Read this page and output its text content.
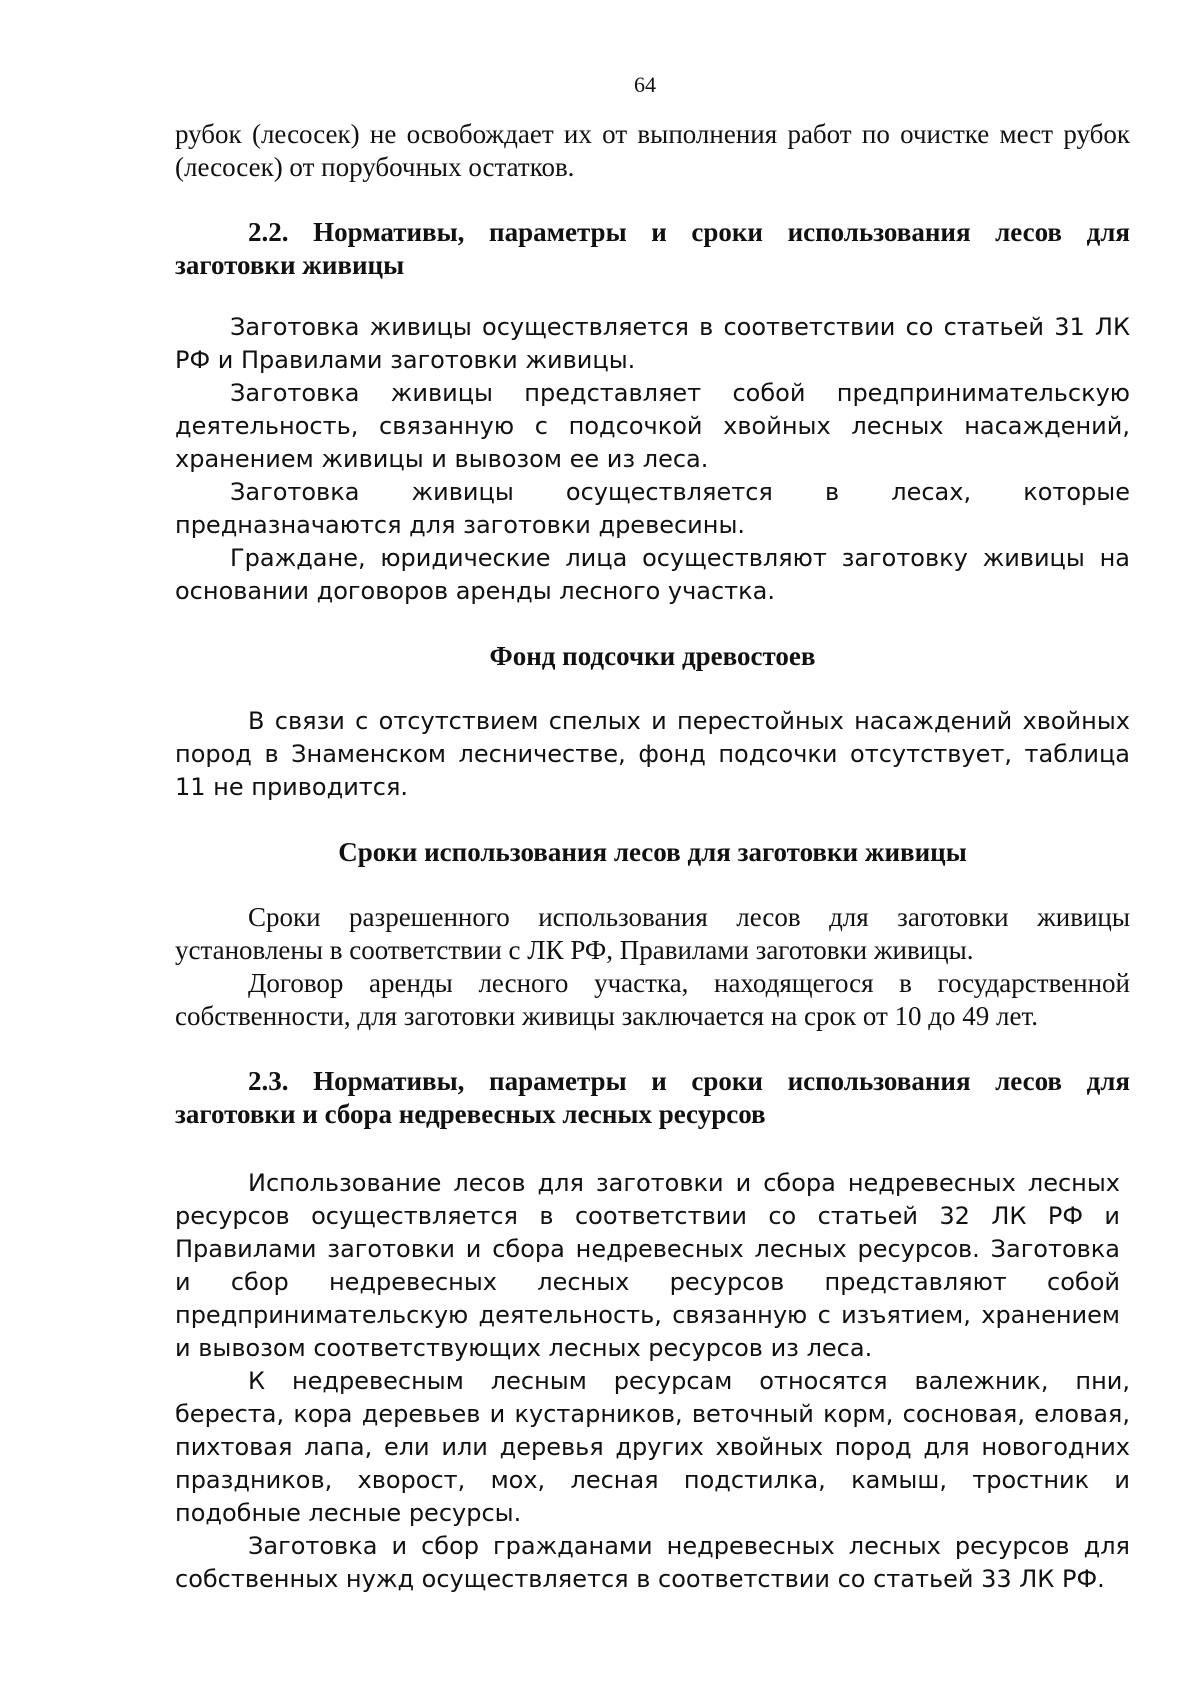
64

рубок (лесосек) не освобождает их от выполнения работ по очистке мест рубок (лесосек) от порубочных остатков.

2.2. Нормативы, параметры и сроки использования лесов для заготовки живицы

Заготовка живицы осуществляется в соответствии со статьей 31 ЛК РФ и Правилами заготовки живицы.

Заготовка живицы представляет собой предпринимательскую деятельность, связанную с подсочкой хвойных лесных насаждений, хранением живицы и вывозом ее из леса.

Заготовка живицы осуществляется в лесах, которые предназначаются для заготовки древесины.

Граждане, юридические лица осуществляют заготовку живицы на основании договоров аренды лесного участка.

Фонд подсочки древостоев

В связи с отсутствием спелых и перестойных насаждений хвойных пород в Знаменском лесничестве, фонд подсочки отсутствует, таблица 11 не приводится.

Сроки использования лесов для заготовки живицы

Сроки разрешенного использования лесов для заготовки живицы установлены в соответствии с ЛК РФ, Правилами заготовки живицы.

Договор аренды лесного участка, находящегося в государственной собственности, для заготовки живицы заключается на срок от 10 до 49 лет.

2.3. Нормативы, параметры и сроки использования лесов для заготовки и сбора недревесных лесных ресурсов

Использование лесов для заготовки и сбора недревесных лесных ресурсов осуществляется в соответствии со статьей 32 ЛК РФ и Правилами заготовки и сбора недревесных лесных ресурсов. Заготовка и сбор недревесных лесных ресурсов представляют собой предпринимательскую деятельность, связанную с изъятием, хранением и вывозом соответствующих лесных ресурсов из леса.

К недревесным лесным ресурсам относятся валежник, пни, береста, кора деревьев и кустарников, веточный корм, сосновая, еловая, пихтовая лапа, ели или деревья других хвойных пород для новогодних праздников, хворост, мох, лесная подстилка, камыш, тростник и подобные лесные ресурсы.

Заготовка и сбор гражданами недревесных лесных ресурсов для собственных нужд осуществляется в соответствии со статьей 33 ЛК РФ.
